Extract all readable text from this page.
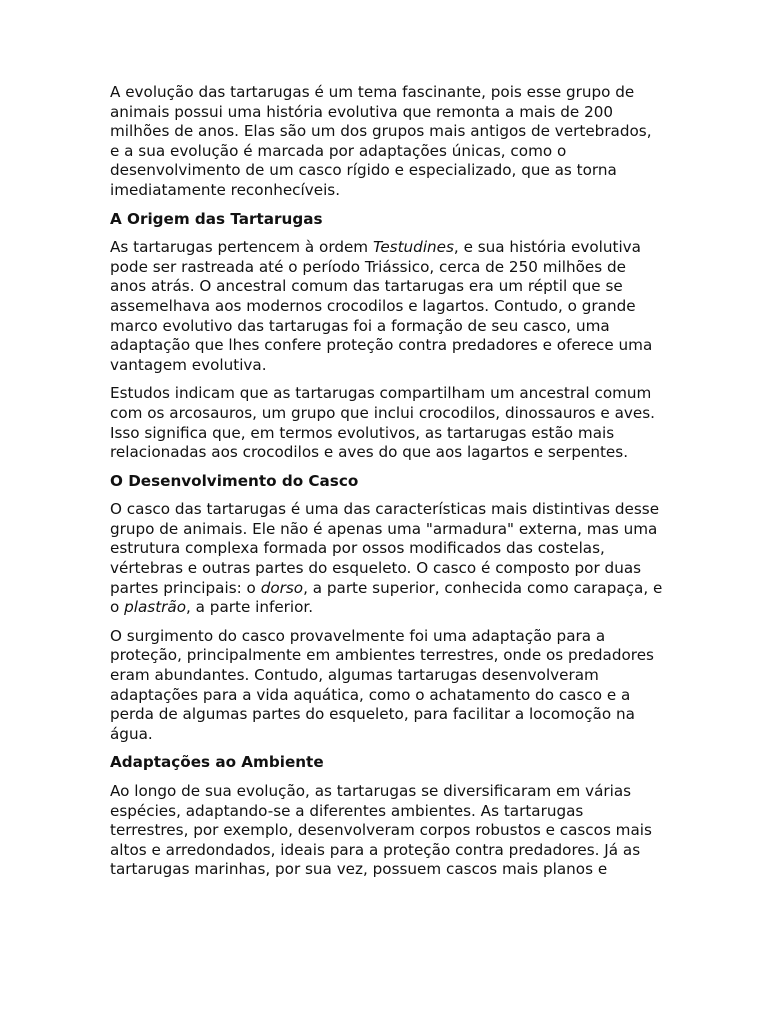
A evolução das tartarugas é um tema fascinante, pois esse grupo de animais possui uma história evolutiva que remonta a mais de 200 milhões de anos. Elas são um dos grupos mais antigos de vertebrados, e a sua evolução é marcada por adaptações únicas, como o desenvolvimento de um casco rígido e especializado, que as torna imediatamente reconhecíveis.

A Origem das Tartarugas

As tartarugas pertencem à ordem Testudines, e sua história evolutiva pode ser rastreada até o período Triássico, cerca de 250 milhões de anos atrás. O ancestral comum das tartarugas era um réptil que se assemelhava aos modernos crocodilos e lagartos. Contudo, o grande marco evolutivo das tartarugas foi a formação de seu casco, uma adaptação que lhes confere proteção contra predadores e oferece uma vantagem evolutiva.

Estudos indicam que as tartarugas compartilham um ancestral comum com os arcosauros, um grupo que inclui crocodilos, dinossauros e aves. Isso significa que, em termos evolutivos, as tartarugas estão mais relacionadas aos crocodilos e aves do que aos lagartos e serpentes.

O Desenvolvimento do Casco

O casco das tartarugas é uma das características mais distintivas desse grupo de animais. Ele não é apenas uma "armadura" externa, mas uma estrutura complexa formada por ossos modificados das costelas, vértebras e outras partes do esqueleto. O casco é composto por duas partes principais: o dorso, a parte superior, conhecida como carapaça, e o plastrão, a parte inferior.

O surgimento do casco provavelmente foi uma adaptação para a proteção, principalmente em ambientes terrestres, onde os predadores eram abundantes. Contudo, algumas tartarugas desenvolveram adaptações para a vida aquática, como o achatamento do casco e a perda de algumas partes do esqueleto, para facilitar a locomoção na água.

Adaptações ao Ambiente

Ao longo de sua evolução, as tartarugas se diversificaram em várias espécies, adaptando-se a diferentes ambientes. As tartarugas terrestres, por exemplo, desenvolveram corpos robustos e cascos mais altos e arredondados, ideais para a proteção contra predadores. Já as tartarugas marinhas, por sua vez, possuem cascos mais planos e
